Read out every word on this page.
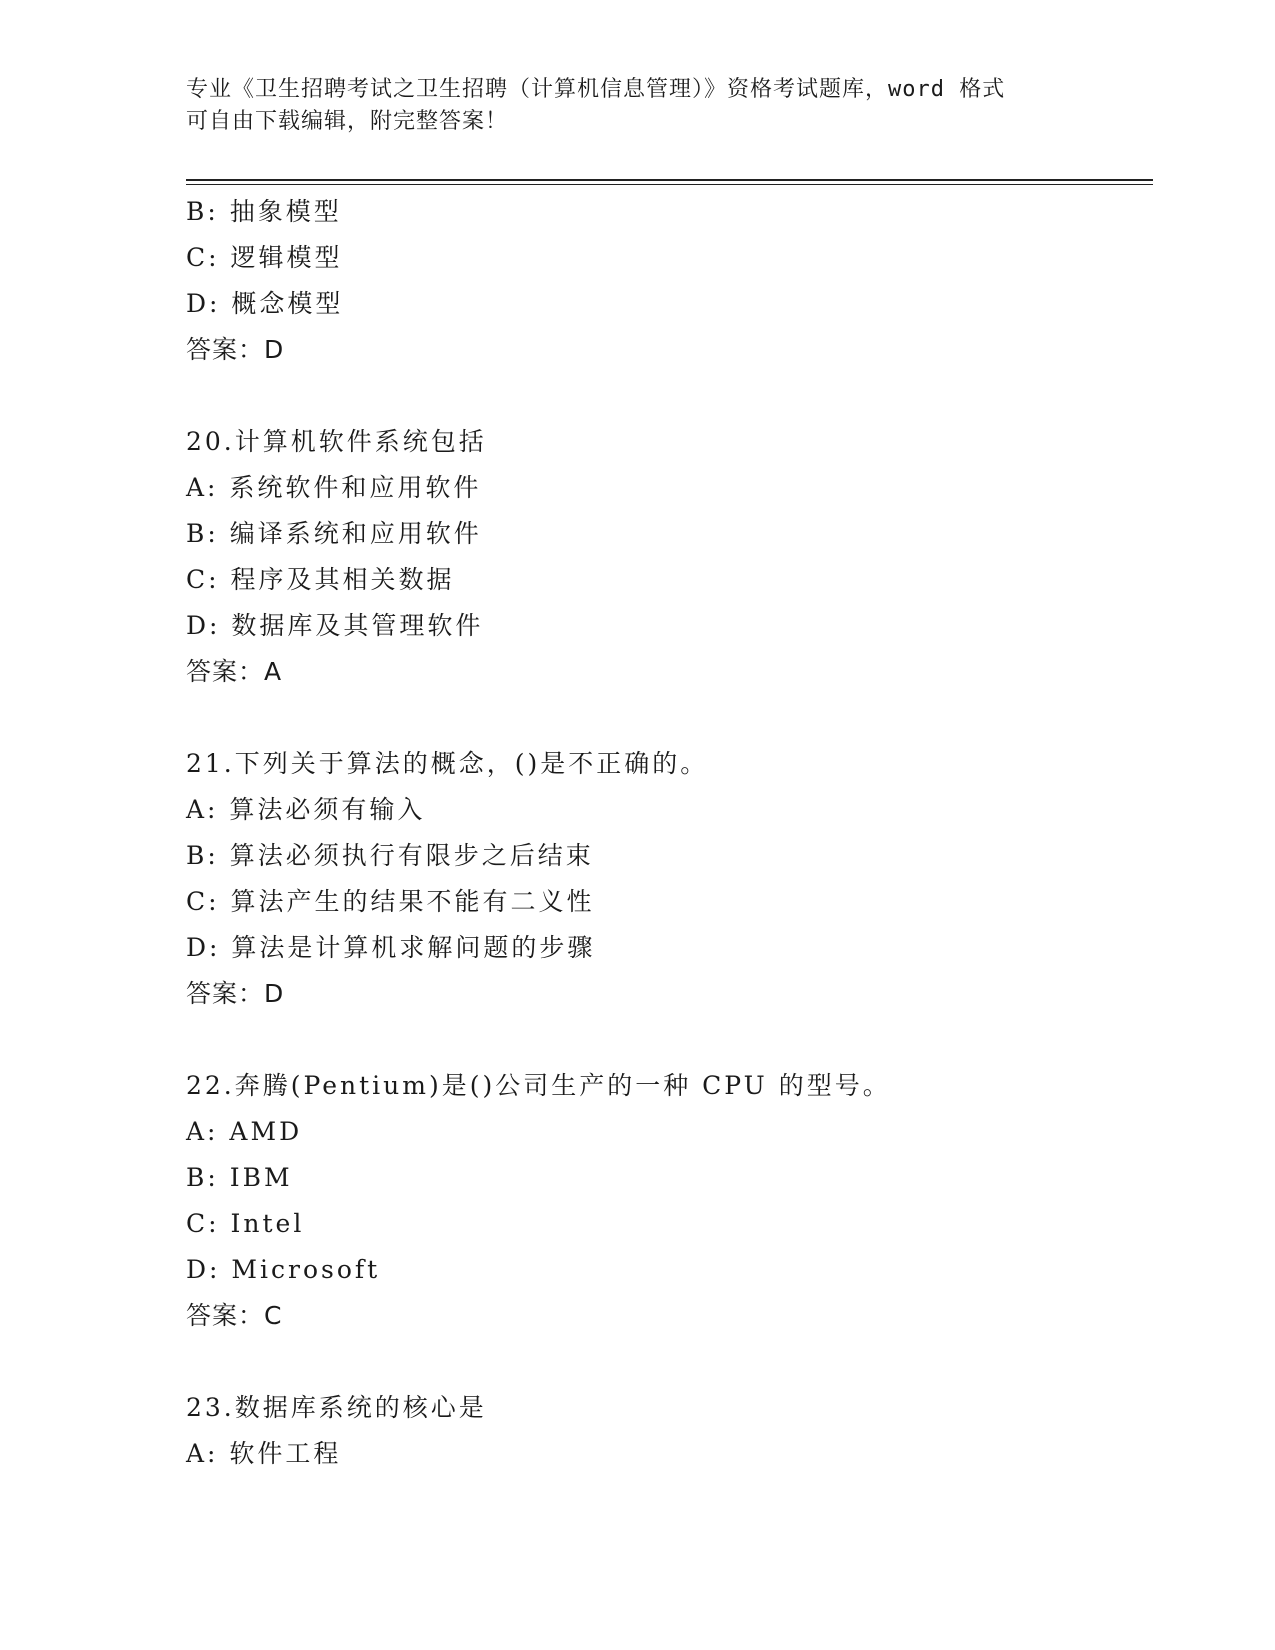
专业《卫生招聘考试之卫生招聘（计算机信息管理）》资格考试题库，word 格式
可自由下载编辑，附完整答案！
B: 抽象模型
C: 逻辑模型
D: 概念模型
答案：D
20.计算机软件系统包括
A: 系统软件和应用软件
B: 编译系统和应用软件
C: 程序及其相关数据
D: 数据库及其管理软件
答案：A
21.下列关于算法的概念，()是不正确的。
A: 算法必须有输入
B: 算法必须执行有限步之后结束
C: 算法产生的结果不能有二义性
D: 算法是计算机求解问题的步骤
答案：D
22.奔腾(Pentium)是()公司生产的一种 CPU 的型号。
A: AMD
B: IBM
C: Intel
D: Microsoft
答案：C
23.数据库系统的核心是
A: 软件工程
